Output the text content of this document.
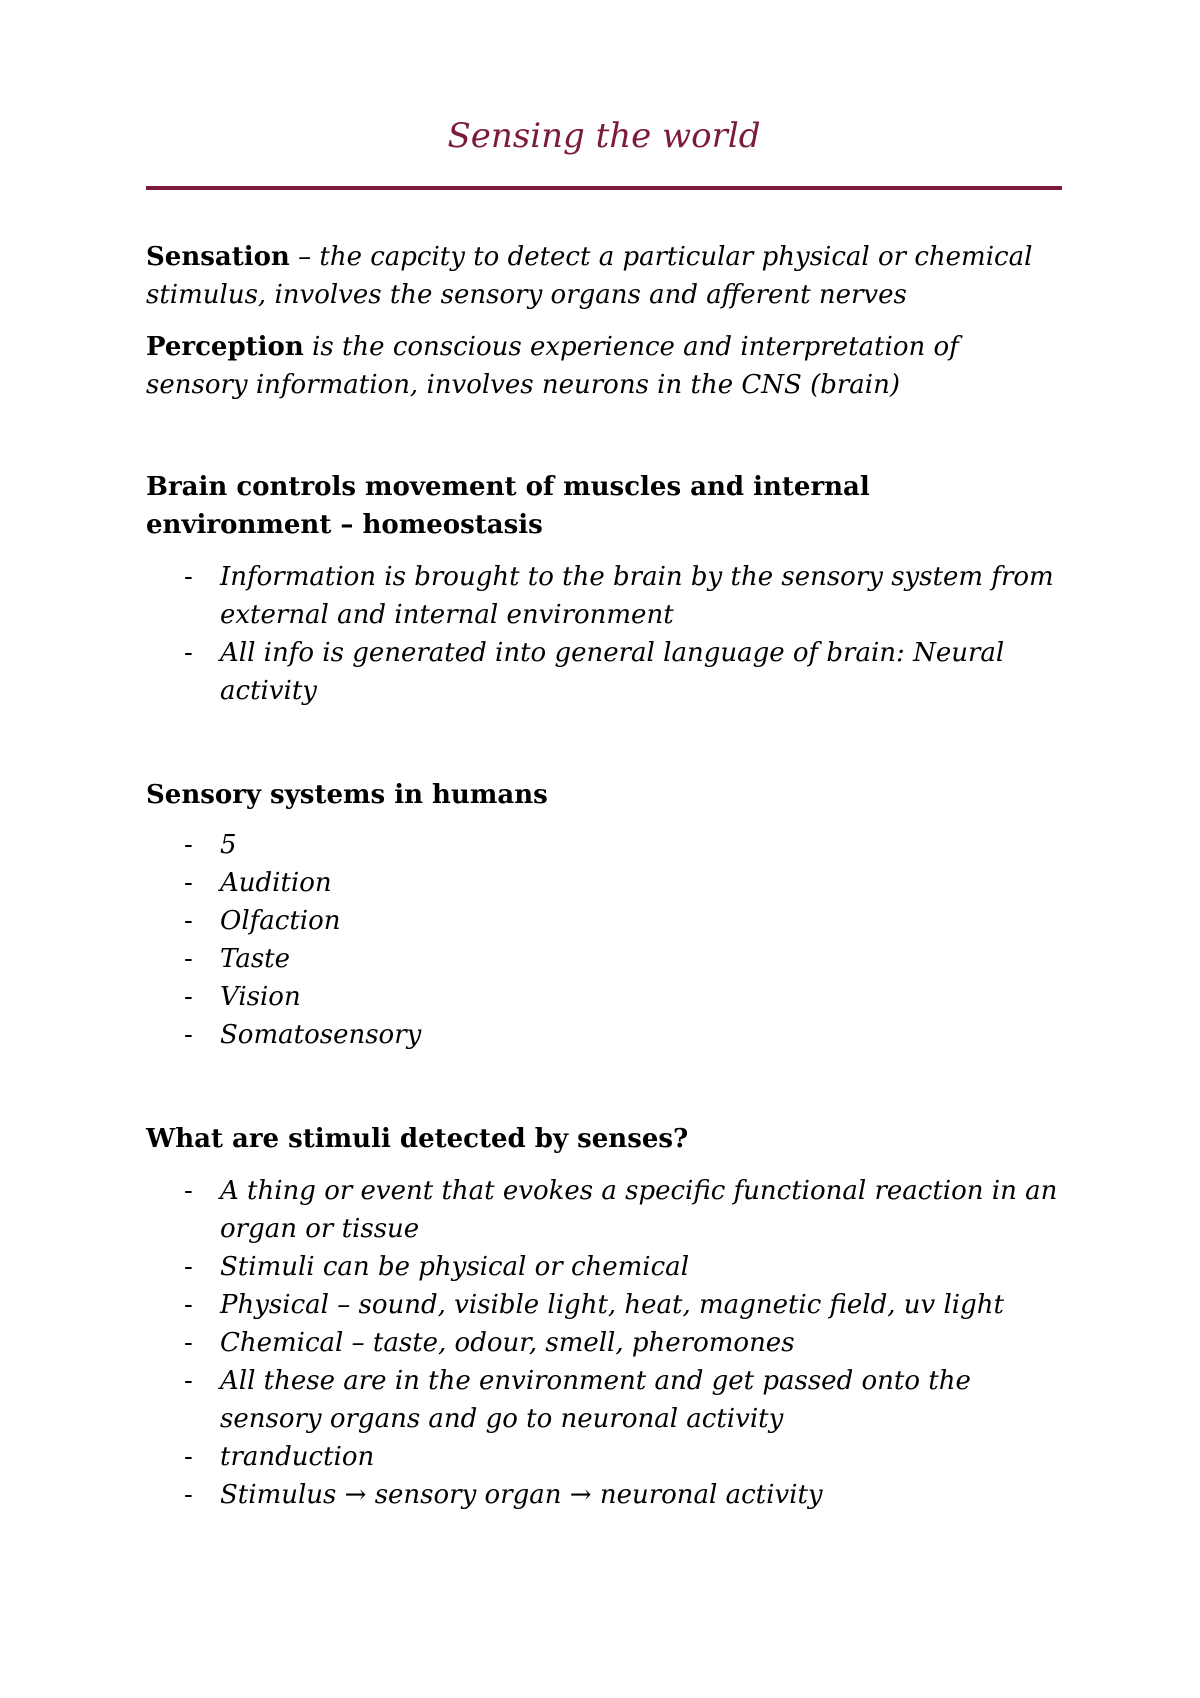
Sensing the world
Sensation – the capcity to detect a particular physical or chemical stimulus, involves the sensory organs and afferent nerves
Perception is the conscious experience and interpretation of sensory information, involves neurons in the CNS (brain)
Brain controls movement of muscles and internal environment – homeostasis
- Information is brought to the brain by the sensory system from external and internal environment
- All info is generated into general language of brain: Neural activity
Sensory systems in humans
- 5
- Audition
- Olfaction
- Taste
- Vision
- Somatosensory
What are stimuli detected by senses?
- A thing or event that evokes a specific functional reaction in an organ or tissue
- Stimuli can be physical or chemical
- Physical – sound, visible light, heat, magnetic field, uv light
- Chemical – taste, odour, smell, pheromones
- All these are in the environment and get passed onto the sensory organs and go to neuronal activity
- tranduction
- Stimulus → sensory organ → neuronal activity
